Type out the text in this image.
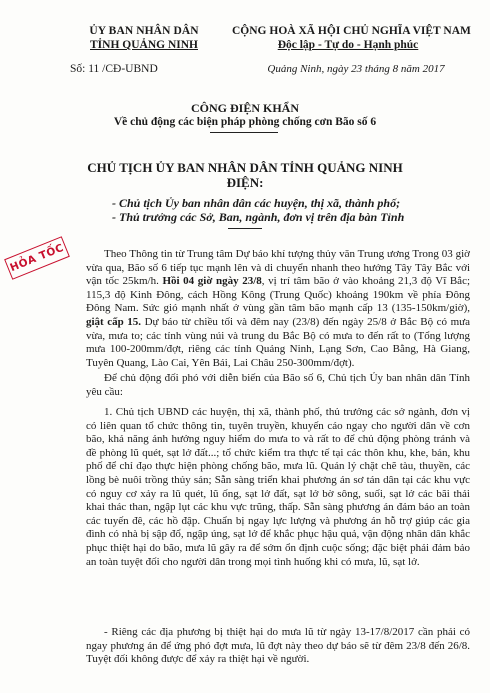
ỦY BAN NHÂN DÂN
TỈNH QUẢNG NINH
Số: 11 /CĐ-UBND
CỘNG HOÀ XÃ HỘI CHỦ NGHĨA VIỆT NAM
Độc lập - Tự do - Hạnh phúc
Quảng Ninh, ngày 23 tháng 8 năm 2017
CÔNG ĐIỆN KHẨN
Về chủ động các biện pháp phòng chống cơn Bão số 6
CHỦ TỊCH ỦY BAN NHÂN DÂN TỈNH QUẢNG NINH
ĐIỆN:
- Chủ tịch Ủy ban nhân dân các huyện, thị xã, thành phố;
- Thủ trưởng các Sở, Ban, ngành, đơn vị trên địa bàn Tỉnh
HỎA TỐC	Theo Thông tin từ Trung tâm Dự báo khí tượng thủy văn Trung ương Trong 03 giờ vừa qua, Bão số 6 tiếp tục mạnh lên và di chuyển nhanh theo hướng Tây Tây Bắc với vận tốc 25km/h. Hồi 04 giờ ngày 23/8, vị trí tâm bão ở vào khoảng 21,3 độ Vĩ Bắc; 115,3 độ Kinh Đông, cách Hồng Kông (Trung Quốc) khoảng 190km về phía Đông Đông Nam. Sức gió mạnh nhất ở vùng gần tâm bão mạnh cấp 13 (135-150km/giờ), giật cấp 15. Dự báo từ chiều tối và đêm nay (23/8) đến ngày 25/8 ở Bắc Bộ có mưa vừa, mưa to; các tỉnh vùng núi và trung du Bắc Bộ có mưa to đến rất to (Tổng lượng mưa 100-200mm/đợt, riêng các tỉnh Quảng Ninh, Lạng Sơn, Cao Bằng, Hà Giang, Tuyên Quang, Lào Cai, Yên Bái, Lai Châu 250-300mm/đợt).

Để chủ động đối phó với diễn biến của Bão số 6, Chủ tịch Ủy ban nhân dân Tỉnh yêu cầu:

1. Chủ tịch UBND các huyện, thị xã, thành phố, thủ trưởng các sở ngành, đơn vị có liên quan tổ chức thông tin, tuyên truyền, khuyến cáo ngay cho người dân về cơn bão, khả năng ảnh hưởng nguy hiểm do mưa to và rất to để chủ động phòng tránh và đề phòng lũ quét, sạt lở đất...; tổ chức kiểm tra thực tế tại các thôn khu, khe, bản, khu phố để chỉ đạo thực hiện phòng chống bão, mưa lũ. Quản lý chặt chẽ tàu, thuyền, các lồng bè nuôi trồng thủy sản; Sẵn sàng triển khai phương án sơ tán dân tại các khu vực có nguy cơ xảy ra lũ quét, lũ ống, sạt lở đất, sạt lở bờ sông, suối, sạt lở các bãi thải khai thác than, ngập lụt các khu vực trũng, thấp. Sẵn sàng phương án đảm bảo an toàn các tuyến đê, các hồ đập. Chuẩn bị ngay lực lượng và phương án hỗ trợ giúp các gia đình có nhà bị sập đổ, ngập úng, sạt lở để khắc phục hậu quả, vận động nhân dân khắc phục thiệt hại do bão, mưa lũ gây ra để sớm ổn định cuộc sống; đặc biệt phải đảm bảo an toàn tuyệt đối cho người dân trong mọi tình huống khi có mưa, lũ, sạt lở.

- Riêng các địa phương bị thiệt hại do mưa lũ từ ngày 13-17/8/2017 cần phải có ngay phương án để ứng phó đợt mưa, lũ đợt này theo dự báo sẽ từ đêm 23/8 đến 26/8. Tuyệt đối không được để xảy ra thiệt hại về người.
